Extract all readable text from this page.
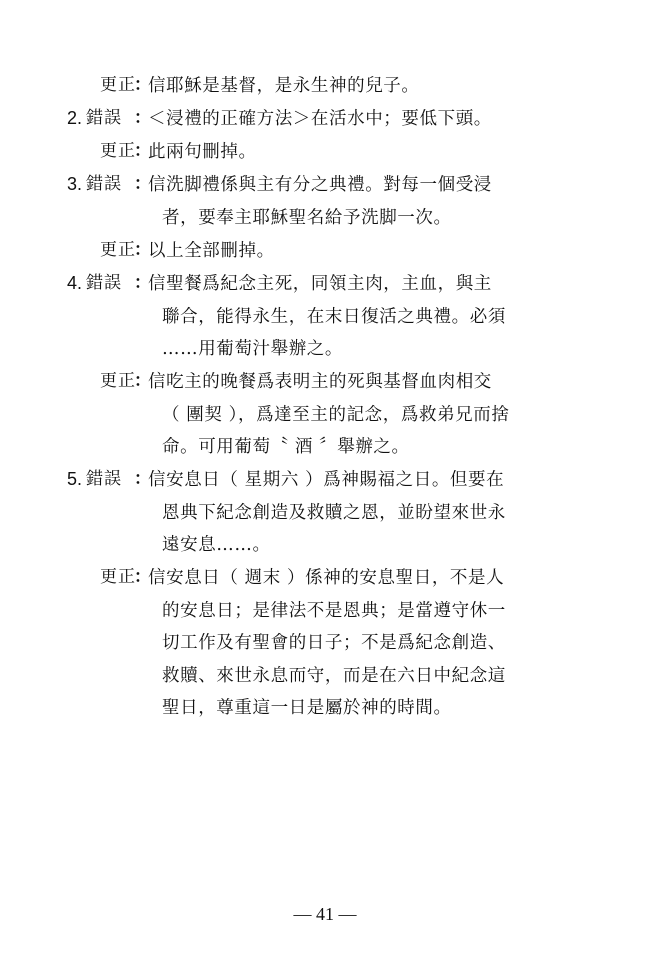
更正
：
信耶穌是基督，是永生神的兒子。
2. 錯誤 ：
＜浸禮的正確方法＞在活水中；要低下頭。
更正
：
此兩句刪掉。
3. 錯誤 ：
信洗脚禮係與主有分之典禮。對每一個受浸
者，要奉主耶穌聖名給予洗脚一次。
更正
：
以上全部刪掉。
4. 錯誤 ：
信聖餐爲紀念主死，同領主肉，主血，與主
聯合，能得永生，在末日復活之典禮。必須
……用葡萄汁舉辦之。
更正
：
信吃主的晚餐爲表明主的死與基督血肉相交
（ 團契 ），爲達至主的記念，爲救弟兄而捨
命。可用葡萄〝 酒 〞舉辦之。
5. 錯誤 ：
信安息日（ 星期六 ）爲神賜福之日。但要在
恩典下紀念創造及救贖之恩，並盼望來世永
遠安息……。
更正
：
信安息日（ 週末 ）係神的安息聖日，不是人
的安息日；是律法不是恩典；是當遵守休一
切工作及有聖會的日子；不是爲紀念創造、
救贖、來世永息而守，而是在六日中紀念這
聖日，尊重這一日是屬於神的時間。
— 41 —
